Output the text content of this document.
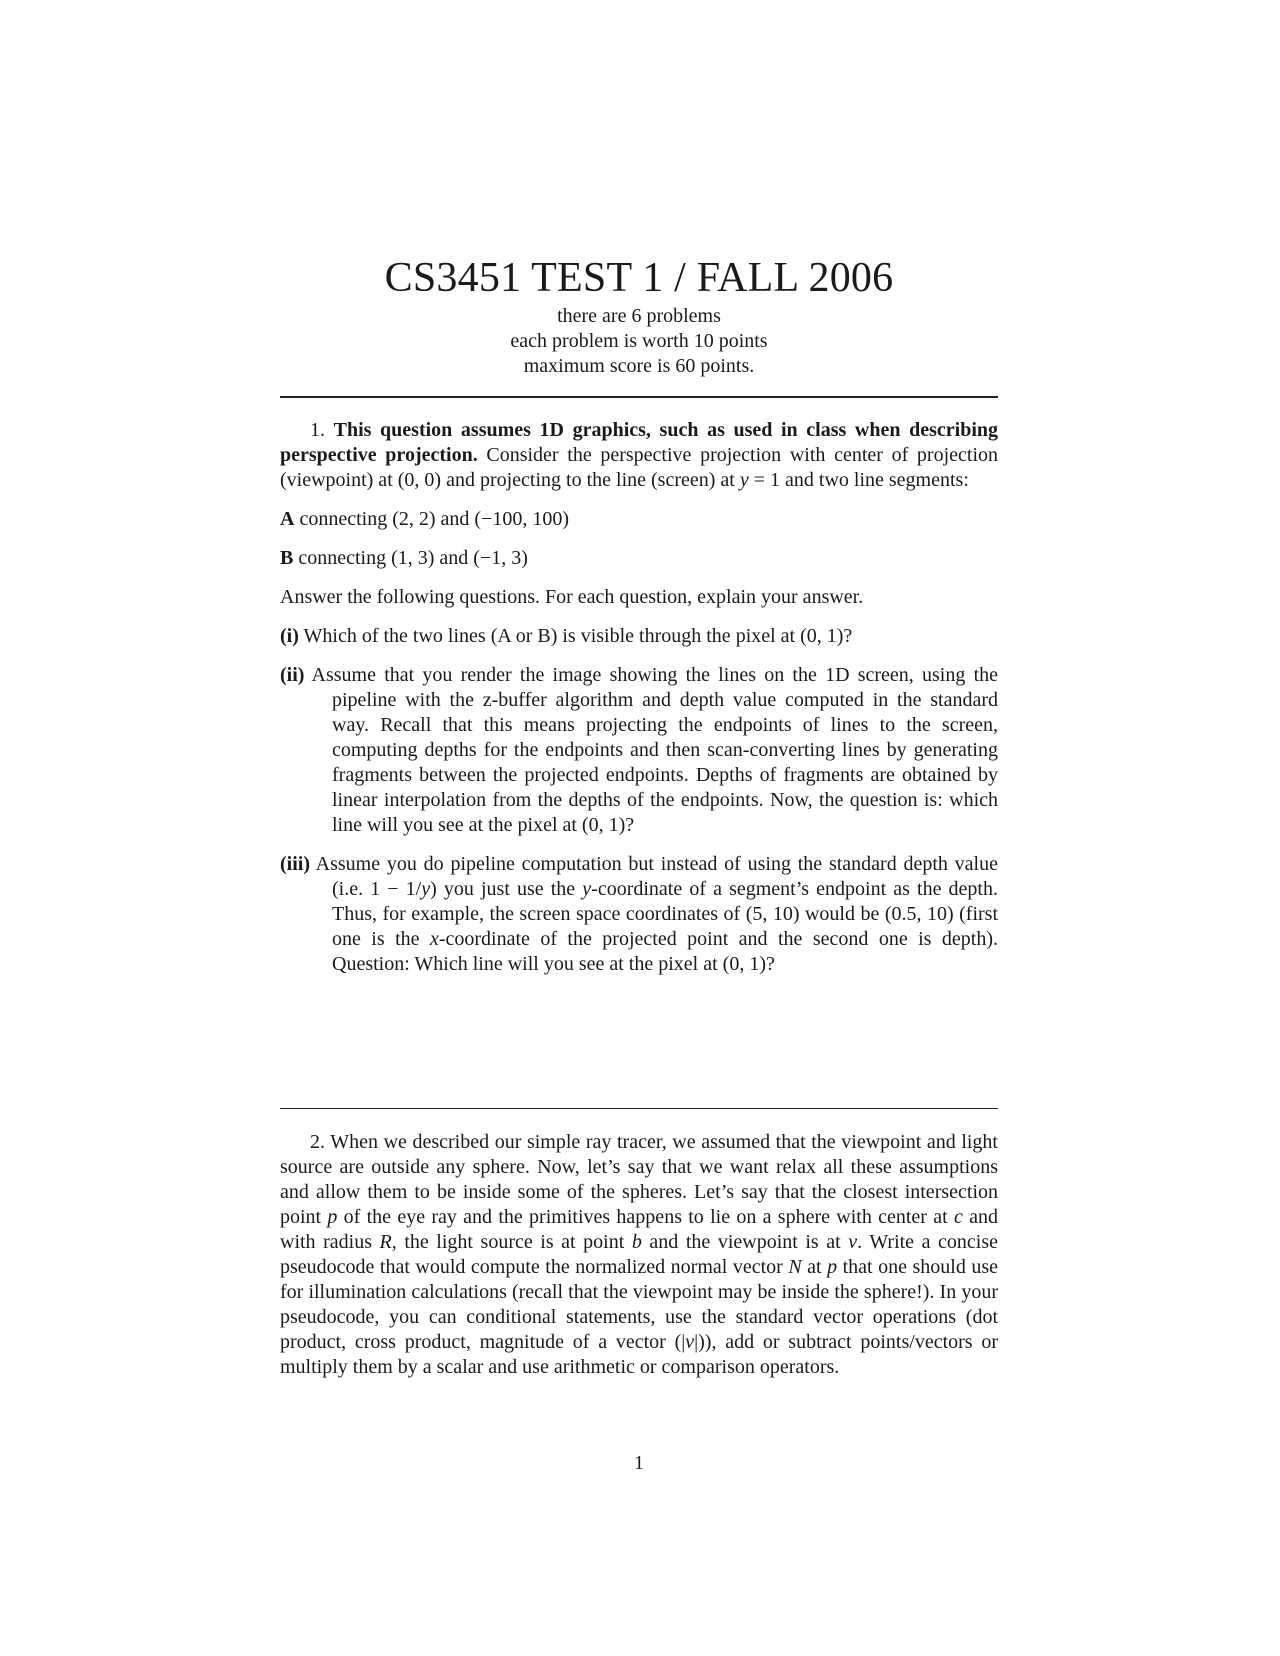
CS3451 TEST 1 / FALL 2006
there are 6 problems
each problem is worth 10 points
maximum score is 60 points.

1. This question assumes 1D graphics, such as used in class when describing perspective projection. Consider the perspective projection with center of projection (viewpoint) at (0, 0) and projecting to the line (screen) at y = 1 and two line segments:

A connecting (2, 2) and (−100, 100)

B connecting (1, 3) and (−1, 3)

Answer the following questions. For each question, explain your answer.

(i) Which of the two lines (A or B) is visible through the pixel at (0, 1)?

(ii) Assume that you render the image showing the lines on the 1D screen, using the pipeline with the z-buffer algorithm and depth value computed in the standard way. Recall that this means projecting the endpoints of lines to the screen, computing depths for the endpoints and then scan-converting lines by generating fragments between the projected endpoints. Depths of fragments are obtained by linear interpolation from the depths of the endpoints. Now, the question is: which line will you see at the pixel at (0, 1)?

(iii) Assume you do pipeline computation but instead of using the standard depth value (i.e. 1 − 1/y) you just use the y-coordinate of a segment’s endpoint as the depth. Thus, for example, the screen space coordinates of (5, 10) would be (0.5, 10) (first one is the x-coordinate of the projected point and the second one is depth). Question: Which line will you see at the pixel at (0, 1)?

2. When we described our simple ray tracer, we assumed that the viewpoint and light source are outside any sphere. Now, let’s say that we want relax all these assumptions and allow them to be inside some of the spheres. Let’s say that the closest intersection point p of the eye ray and the primitives happens to lie on a sphere with center at c and with radius R, the light source is at point b and the viewpoint is at v. Write a concise pseudocode that would compute the normalized normal vector N at p that one should use for illumination calculations (recall that the viewpoint may be inside the sphere!). In your pseudocode, you can conditional statements, use the standard vector operations (dot product, cross product, magnitude of a vector (|v|)), add or subtract points/vectors or multiply them by a scalar and use arithmetic or comparison operators.

1
